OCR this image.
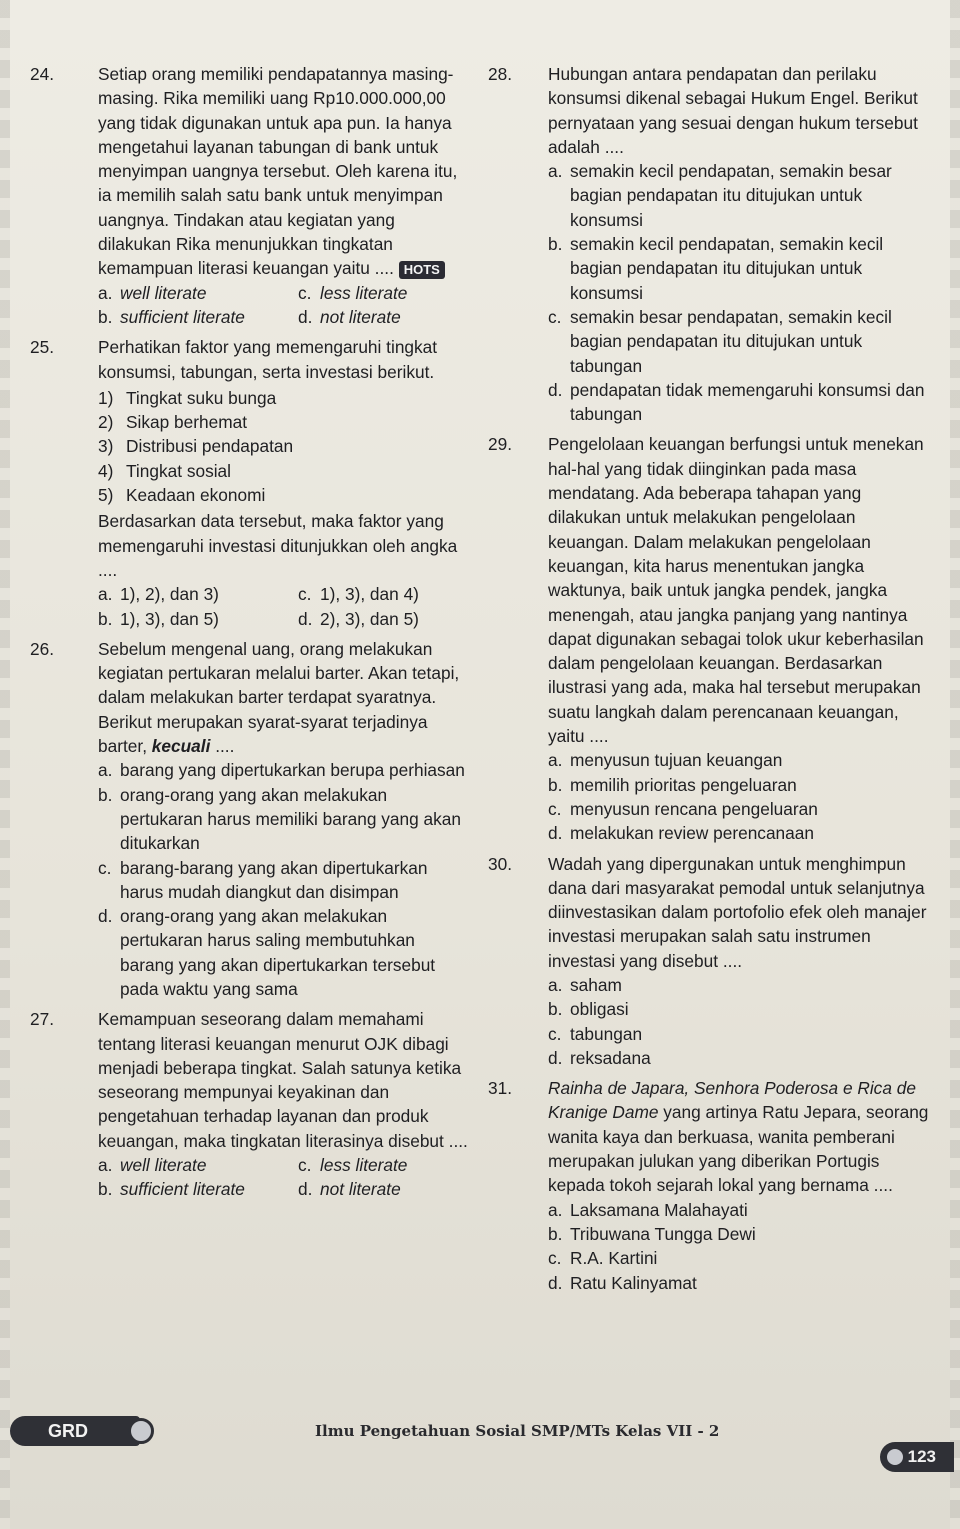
24.	Setiap orang memiliki pendapatannya masing-masing. Rika memiliki uang Rp10.000.000,00 yang tidak digunakan untuk apa pun. Ia hanya mengetahui layanan tabungan di bank untuk menyimpan uangnya tersebut. Oleh karena itu, ia memilih salah satu bank untuk menyimpan uangnya. Tindakan atau kegiatan yang dilakukan Rika menunjukkan tingkatan kemampuan literasi keuangan yaitu .... HOTS

a. well literate	c. less literate
b. sufficient literate	d. not literate
25.	Perhatikan faktor yang memengaruhi tingkat konsumsi, tabungan, serta investasi berikut.

1) Tingkat suku bunga
2) Sikap berhemat
3) Distribusi pendapatan
4) Tingkat sosial
5) Keadaan ekonomi

Berdasarkan data tersebut, maka faktor yang memengaruhi investasi ditunjukkan oleh angka ....

a. 1), 2), dan 3)	c. 1), 3), dan 4)
b. 1), 3), dan 5)	d. 2), 3), dan 5)
26.	Sebelum mengenal uang, orang melakukan kegiatan pertukaran melalui barter. Akan tetapi, dalam melakukan barter terdapat syaratnya. Berikut merupakan syarat-syarat terjadinya barter, kecuali ....

a. barang yang dipertukarkan berupa perhiasan
b. orang-orang yang akan melakukan pertukaran harus memiliki barang yang akan ditukarkan
c. barang-barang yang akan dipertukarkan harus mudah diangkut dan disimpan
d. orang-orang yang akan melakukan pertukaran harus saling membutuhkan barang yang akan dipertukarkan tersebut pada waktu yang sama
27.	Kemampuan seseorang dalam memahami tentang literasi keuangan menurut OJK dibagi menjadi beberapa tingkat. Salah satunya ketika seseorang mempunyai keyakinan dan pengetahuan terhadap layanan dan produk keuangan, maka tingkatan literasinya disebut ....

a. well literate	c. less literate
b. sufficient literate	d. not literate
28. Hubungan antara pendapatan dan perilaku konsumsi dikenal sebagai Hukum Engel. Berikut pernyataan yang sesuai dengan hukum tersebut adalah ....

a. semakin kecil pendapatan, semakin besar bagian pendapatan itu ditujukan untuk konsumsi
b. semakin kecil pendapatan, semakin kecil bagian pendapatan itu ditujukan untuk konsumsi
c. semakin besar pendapatan, semakin kecil bagian pendapatan itu ditujukan untuk tabungan
d. pendapatan tidak memengaruhi konsumsi dan tabungan
29. Pengelolaan keuangan berfungsi untuk menekan hal-hal yang tidak diinginkan pada masa mendatang. Ada beberapa tahapan yang dilakukan untuk melakukan pengelolaan keuangan. Dalam melakukan pengelolaan keuangan, kita harus menentukan jangka waktunya, baik untuk jangka pendek, jangka menengah, atau jangka panjang yang nantinya dapat digunakan sebagai tolok ukur keberhasilan dalam pengelolaan keuangan. Berdasarkan ilustrasi yang ada, maka hal tersebut merupakan suatu langkah dalam perencanaan keuangan, yaitu ....

a. menyusun tujuan keuangan
b. memilih prioritas pengeluaran
c. menyusun rencana pengeluaran
d. melakukan review perencanaan
30. Wadah yang dipergunakan untuk menghimpun dana dari masyarakat pemodal untuk selanjutnya diinvestasikan dalam portofolio efek oleh manajer investasi merupakan salah satu instrumen investasi yang disebut ....

a. saham
b. obligasi
c. tabungan
d. reksadana
31. Rainha de Japara, Senhora Poderosa e Rica de Kranige Dame yang artinya Ratu Jepara, seorang wanita kaya dan berkuasa, wanita pemberani merupakan julukan yang diberikan Portugis kepada tokoh sejarah lokal yang bernama ....

a. Laksamana Malahayati
b. Tribuwana Tungga Dewi
c. R.A. Kartini
d. Ratu Kalinyamat
GRD	Ilmu Pengetahuan Sosial SMP/MTs Kelas VII - 2
123
